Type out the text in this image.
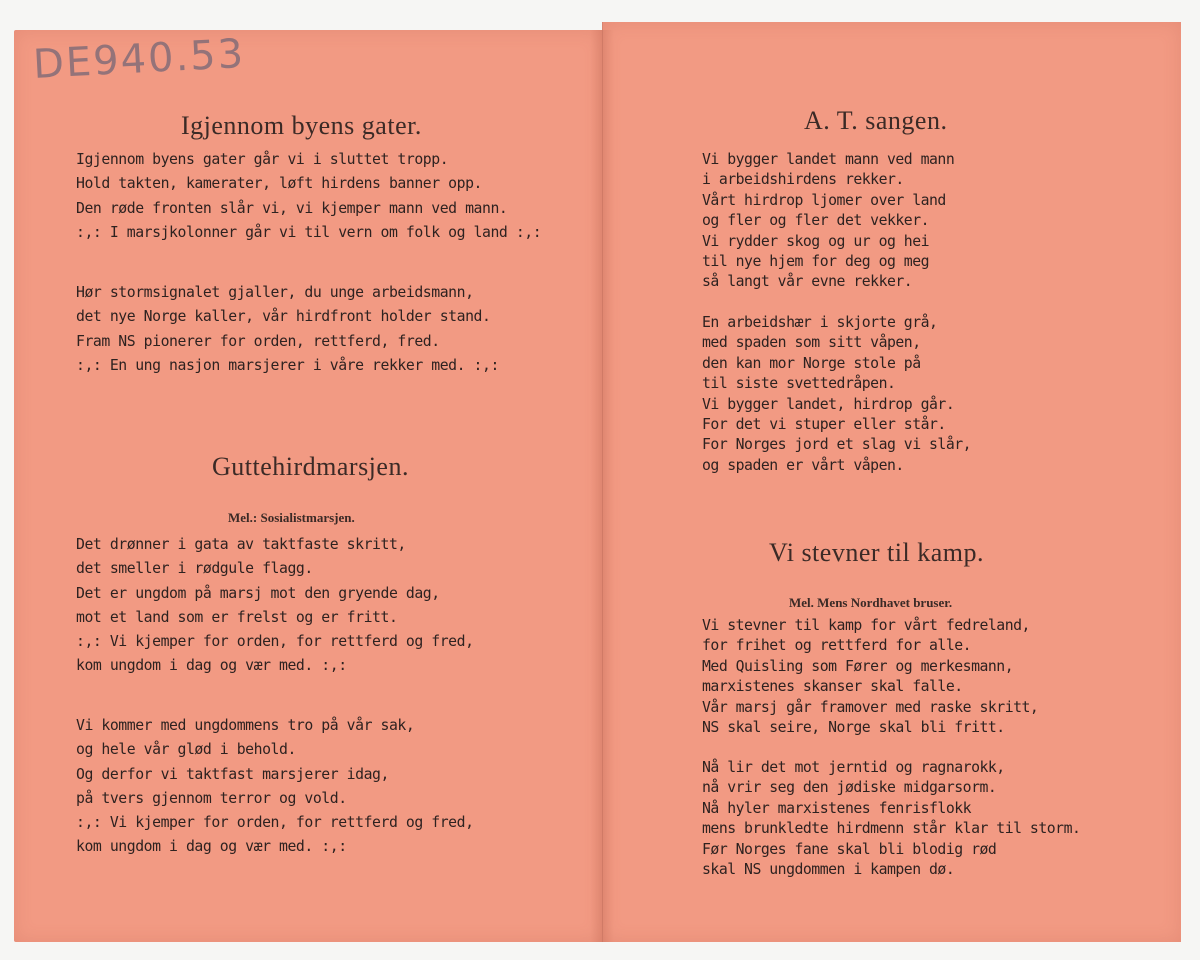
DE940.53
Igjennom byens gater.
Igjennom byens gater går vi i sluttet tropp.
Hold takten, kamerater, løft hirdens banner opp.
Den røde fronten slår vi, vi kjemper mann ved mann.
:,: I marsjkolonner går vi til vern om folk og land :,:
Hør stormsignalet gjaller, du unge arbeidsmann,
det nye Norge kaller, vår hirdfront holder stand.
Fram NS pionerer for orden, rettferd, fred.
:,: En ung nasjon marsjerer i våre rekker med. :,:
Guttehirdmarsjen.
Mel.: Sosialistmarsjen.
Det drønner i gata av taktfaste skritt,
det smeller i rødgule flagg.
Det er ungdom på marsj mot den gryende dag,
mot et land som er frelst og er fritt.
:,: Vi kjemper for orden, for rettferd og fred,
kom ungdom i dag og vær med. :,:
Vi kommer med ungdommens tro på vår sak,
og hele vår glød i behold.
Og derfor vi taktfast marsjerer idag,
på tvers gjennom terror og vold.
:,: Vi kjemper for orden, for rettferd og fred,
kom ungdom i dag og vær med. :,:
A. T. sangen.
Vi bygger landet mann ved mann
i arbeidshirdens rekker.
Vårt hirdrop ljomer over land
og fler og fler det vekker.
Vi rydder skog og ur og hei
til nye hjem for deg og meg
så langt vår evne rekker.
En arbeidshær i skjorte grå,
med spaden som sitt våpen,
den kan mor Norge stole på
til siste svettedråpen.
Vi bygger landet, hirdrop går.
For det vi stuper eller står.
For Norges jord et slag vi slår,
og spaden er vårt våpen.
Vi stevner til kamp.
Mel. Mens Nordhavet bruser.
Vi stevner til kamp for vårt fedreland,
for frihet og rettferd for alle.
Med Quisling som Fører og merkesmann,
marxistenes skanser skal falle.
Vår marsj går framover med raske skritt,
NS skal seire, Norge skal bli fritt.
Nå lir det mot jerntid og ragnarokk,
nå vrir seg den jødiske midgarsorm.
Nå hyler marxistenes fenrisflokk
mens brunkledte hirdmenn står klar til storm.
Før Norges fane skal bli blodig rød
skal NS ungdommen i kampen dø.
